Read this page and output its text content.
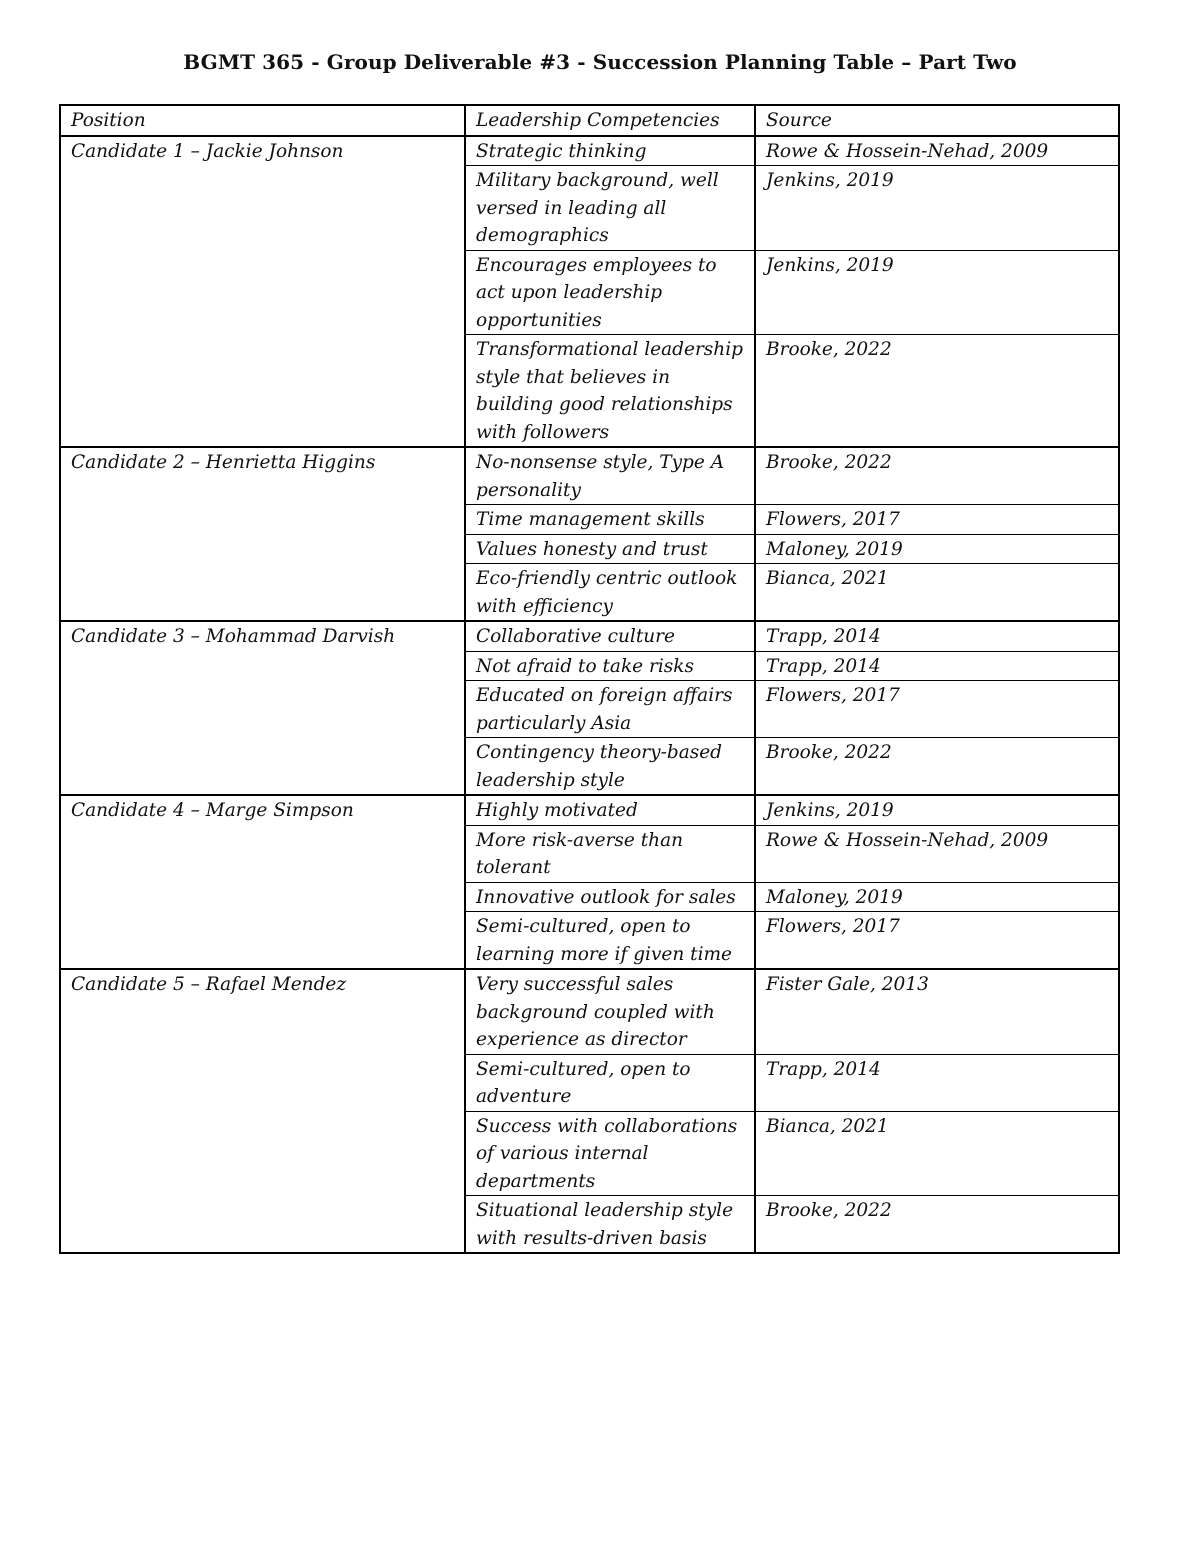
BGMT 365 - Group Deliverable #3 - Succession Planning Table – Part Two
Position	Leadership Competencies	Source
Candidate 1 – Jackie Johnson	Strategic thinking	Rowe & Hossein-Nehad, 2009
	Military background, well versed in leading all demographics	Jenkins, 2019
	Encourages employees to act upon leadership opportunities	Jenkins, 2019
	Transformational leadership style that believes in building good relationships with followers	Brooke, 2022
Candidate 2 – Henrietta Higgins	No-nonsense style, Type A personality	Brooke, 2022
	Time management skills	Flowers, 2017
	Values honesty and trust	Maloney, 2019
	Eco-friendly centric outlook with efficiency	Bianca, 2021
Candidate 3 – Mohammad Darvish	Collaborative culture	Trapp, 2014
	Not afraid to take risks	Trapp, 2014
	Educated on foreign affairs particularly Asia	Flowers, 2017
	Contingency theory-based leadership style	Brooke, 2022
Candidate 4 – Marge Simpson	Highly motivated	Jenkins, 2019
	More risk-averse than tolerant	Rowe & Hossein-Nehad, 2009
	Innovative outlook for sales	Maloney, 2019
	Semi-cultured, open to learning more if given time	Flowers, 2017
Candidate 5 – Rafael Mendez	Very successful sales background coupled with experience as director	Fister Gale, 2013
	Semi-cultured, open to adventure	Trapp, 2014
	Success with collaborations of various internal departments	Bianca, 2021
	Situational leadership style with results-driven basis	Brooke, 2022
